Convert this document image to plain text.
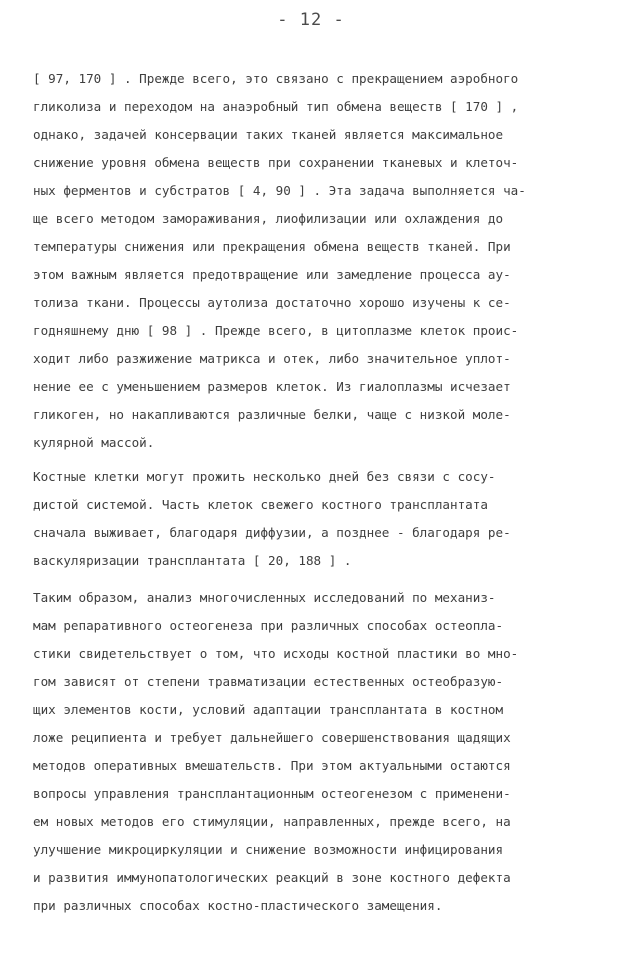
- 12 -
[ 97, 170 ] . Прежде всего, это связано с прекращением аэробного
гликолиза и переходом на анаэробный тип обмена веществ [ 170 ] ,
однако, задачей консервации таких тканей является максимальное
снижение уровня обмена веществ при сохранении тканевых и клеточ-
ных ферментов и субстратов [ 4, 90 ] . Эта задача выполняется ча-
ще всего методом замораживания, лиофилизации или охлаждения до
температуры снижения или прекращения обмена веществ тканей. При
этом важным является предотвращение или замедление процесса ау-
толиза ткани. Процессы аутолиза достаточно хорошо изучены к се-
годняшнему дню [ 98 ] . Прежде всего, в цитоплазме клеток проис-
ходит либо разжижение матрикса и отек, либо значительное уплот-
нение ее с уменьшением размеров клеток. Из гиалоплазмы исчезает
гликоген, но накапливаются различные белки, чаще с низкой моле-
кулярной массой.
Костные клетки могут прожить несколько дней без связи с сосу-
дистой системой. Часть клеток свежего костного трансплантата
сначала выживает, благодаря диффузии, а позднее - благодаря ре-
васкуляризации трансплантата [ 20, 188 ] .
Таким образом, анализ многочисленных исследований по механиз-
мам репаративного остеогенеза при различных способах остеопла-
стики свидетельствует о том, что исходы костной пластики во мно-
гом зависят от степени травматизации естественных остеобразую-
щих элементов кости, условий адаптации трансплантата в костном
ложе реципиента и требует дальнейшего совершенствования щадящих
методов оперативных вмешательств. При этом актуальными остаются
вопросы управления трансплантационным остеогенезом с применени-
ем новых методов его стимуляции, направленных, прежде всего, на
улучшение микроциркуляции и снижение возможности инфицирования
и развития иммунопатологических реакций в зоне костного дефекта
при различных способах костно-пластического замещения.
